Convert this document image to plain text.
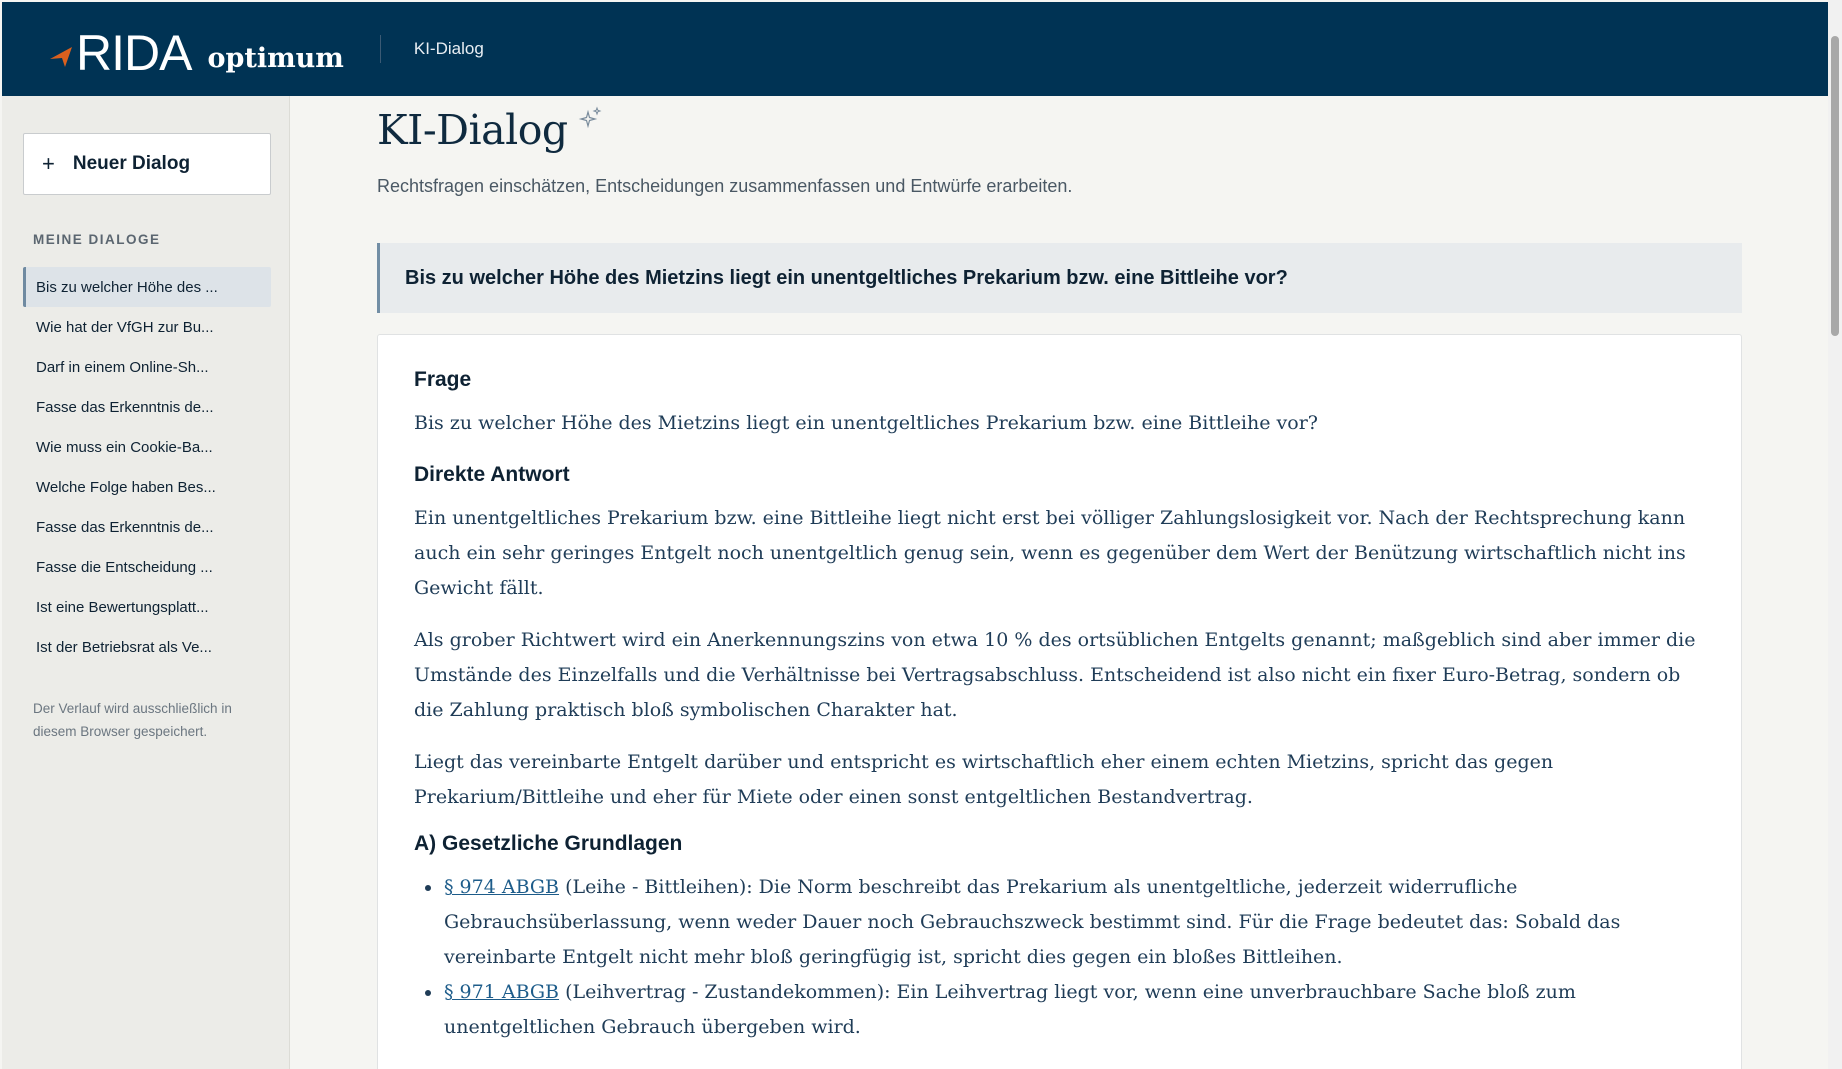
RIDA optimum	KI-Dialog
+ Neuer Dialog
MEINE DIALOGE
Bis zu welcher Höhe des ...
Wie hat der VfGH zur Bu...
Darf in einem Online-Sh...
Fasse das Erkenntnis de...
Wie muss ein Cookie-Ba...
Welche Folge haben Bes...
Fasse das Erkenntnis de...
Fasse die Entscheidung ...
Ist eine Bewertungsplatt...
Ist der Betriebsrat als Ve...
Der Verlauf wird ausschließlich in diesem Browser gespeichert.
KI-Dialog
Rechtsfragen einschätzen, Entscheidungen zusammenfassen und Entwürfe erarbeiten.
Bis zu welcher Höhe des Mietzins liegt ein unentgeltliches Prekarium bzw. eine Bittleihe vor?
Frage

Bis zu welcher Höhe des Mietzins liegt ein unentgeltliches Prekarium bzw. eine Bittleihe vor?

Direkte Antwort

Ein unentgeltliches Prekarium bzw. eine Bittleihe liegt nicht erst bei völliger Zahlungslosigkeit vor. Nach der Rechtsprechung kann auch ein sehr geringes Entgelt noch unentgeltlich genug sein, wenn es gegenüber dem Wert der Benützung wirtschaftlich nicht ins Gewicht fällt.

Als grober Richtwert wird ein Anerkennungszins von etwa 10 % des ortsüblichen Entgelts genannt; maßgeblich sind aber immer die Umstände des Einzelfalls und die Verhältnisse bei Vertragsabschluss. Entscheidend ist also nicht ein fixer Euro-Betrag, sondern ob die Zahlung praktisch bloß symbolischen Charakter hat.

Liegt das vereinbarte Entgelt darüber und entspricht es wirtschaftlich eher einem echten Mietzins, spricht das gegen Prekarium/Bittleihe und eher für Miete oder einen sonst entgeltlichen Bestandvertrag.

A) Gesetzliche Grundlagen
§ 974 ABGB (Leihe - Bittleihen): Die Norm beschreibt das Prekarium als unentgeltliche, jederzeit widerrufliche Gebrauchsüberlassung, wenn weder Dauer noch Gebrauchszweck bestimmt sind. Für die Frage bedeutet das: Sobald das vereinbarte Entgelt nicht mehr bloß geringfügig ist, spricht dies gegen ein bloßes Bittleihen.
§ 971 ABGB (Leihvertrag - Zustandekommen): Ein Leihvertrag liegt vor, wenn eine unverbrauchbare Sache bloß zum unentgeltlichen Gebrauch übergeben wird.
